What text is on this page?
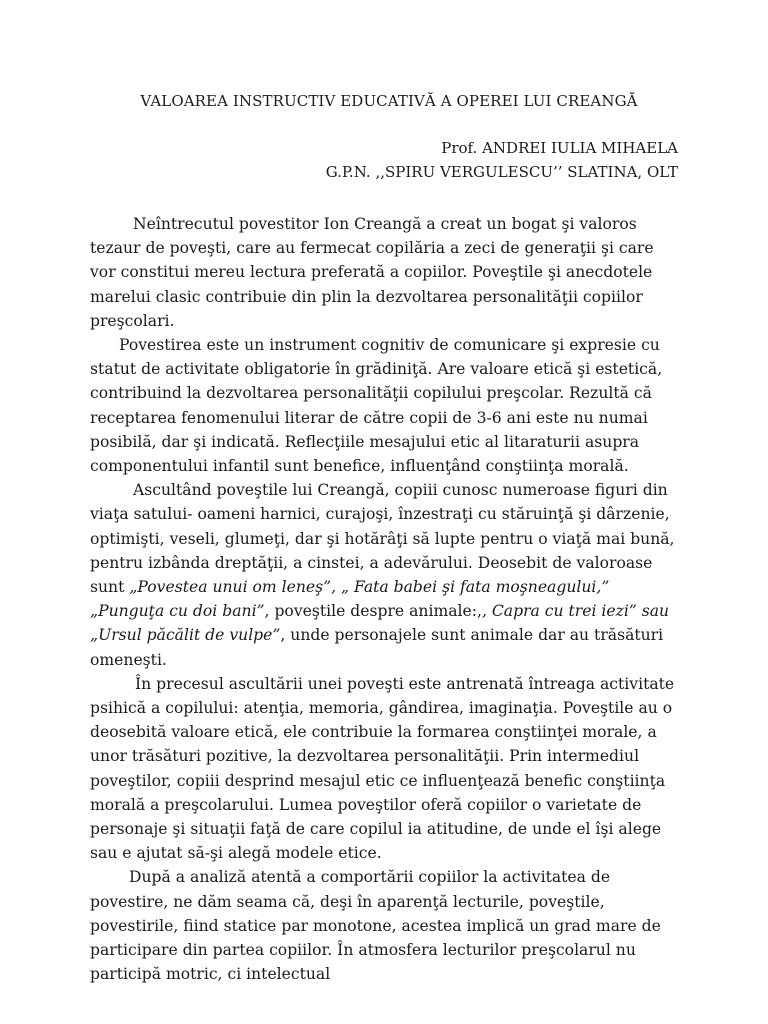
VALOAREA INSTRUCTIV EDUCATIVĂ A OPEREI LUI CREANGĂ
Prof. ANDREI IULIA MIHAELA
G.P.N. ,,SPIRU VERGULESCU’’ SLATINA, OLT

Neîntrecutul povestitor Ion Creangă a creat un bogat şi valoros tezaur de poveşti, care au fermecat copilăria a zeci de generaţii şi care vor constitui mereu lectura preferată a copiilor. Poveştile şi anecdotele marelui clasic contribuie din plin la dezvoltarea personalităţii copiilor preşcolari.

Povestirea este un instrument cognitiv de comunicare şi expresie cu statut de activitate obligatorie în grădiniţă. Are valoare etică şi estetică, contribuind la dezvoltarea personalităţii copilului preşcolar. Rezultă că receptarea fenomenului literar de către copii de 3-6 ani este nu numai posibilă, dar şi indicată. Reflecţiile mesajului etic al litaraturii asupra componentului infantil sunt benefice, influenţând conştiinţa morală.

Ascultând poveştile lui Creangă, copiii cunosc numeroase figuri din viaţa satului- oameni harnici, curajoşi, înzestraţi cu stăruinţă şi dârzenie, optimişti, veseli, glumeţi, dar şi hotărâţi să lupte pentru o viaţă mai bună, pentru izbânda dreptăţii, a cinstei, a adevărului. Deosebit de valoroase sunt „Povestea unui om leneş”, „ Fata babei şi fata moşneagului,” „Punguţa cu doi bani”, poveştile despre animale:,, Capra cu trei iezi” sau „Ursul păcălit de vulpe”, unde personajele sunt animale dar au trăsături omeneşti.

În precesul ascultării unei poveşti este antrenată întreaga activitate psihică a copilului: atenţia, memoria, gândirea, imaginaţia. Poveştile au o deosebită valoare etică, ele contribuie la formarea conştiinţei morale, a unor trăsături pozitive, la dezvoltarea personalităţii. Prin intermediul poveştilor, copiii desprind mesajul etic ce influenţează benefic conştiinţa morală a preşcolarului. Lumea poveştilor oferă copiilor o varietate de personaje şi situaţii faţă de care copilul ia atitudine, de unde el îşi alege sau e ajutat să-şi alegă modele etice.

După a analiză atentă a comportării copiilor la activitatea de povestire, ne dăm seama că, deşi în aparenţă lecturile, poveştile, povestirile, fiind statice par monotone, acestea implică un grad mare de participare din partea copiilor. În atmosfera lecturilor preşcolarul nu participă motric, ci intelectual
